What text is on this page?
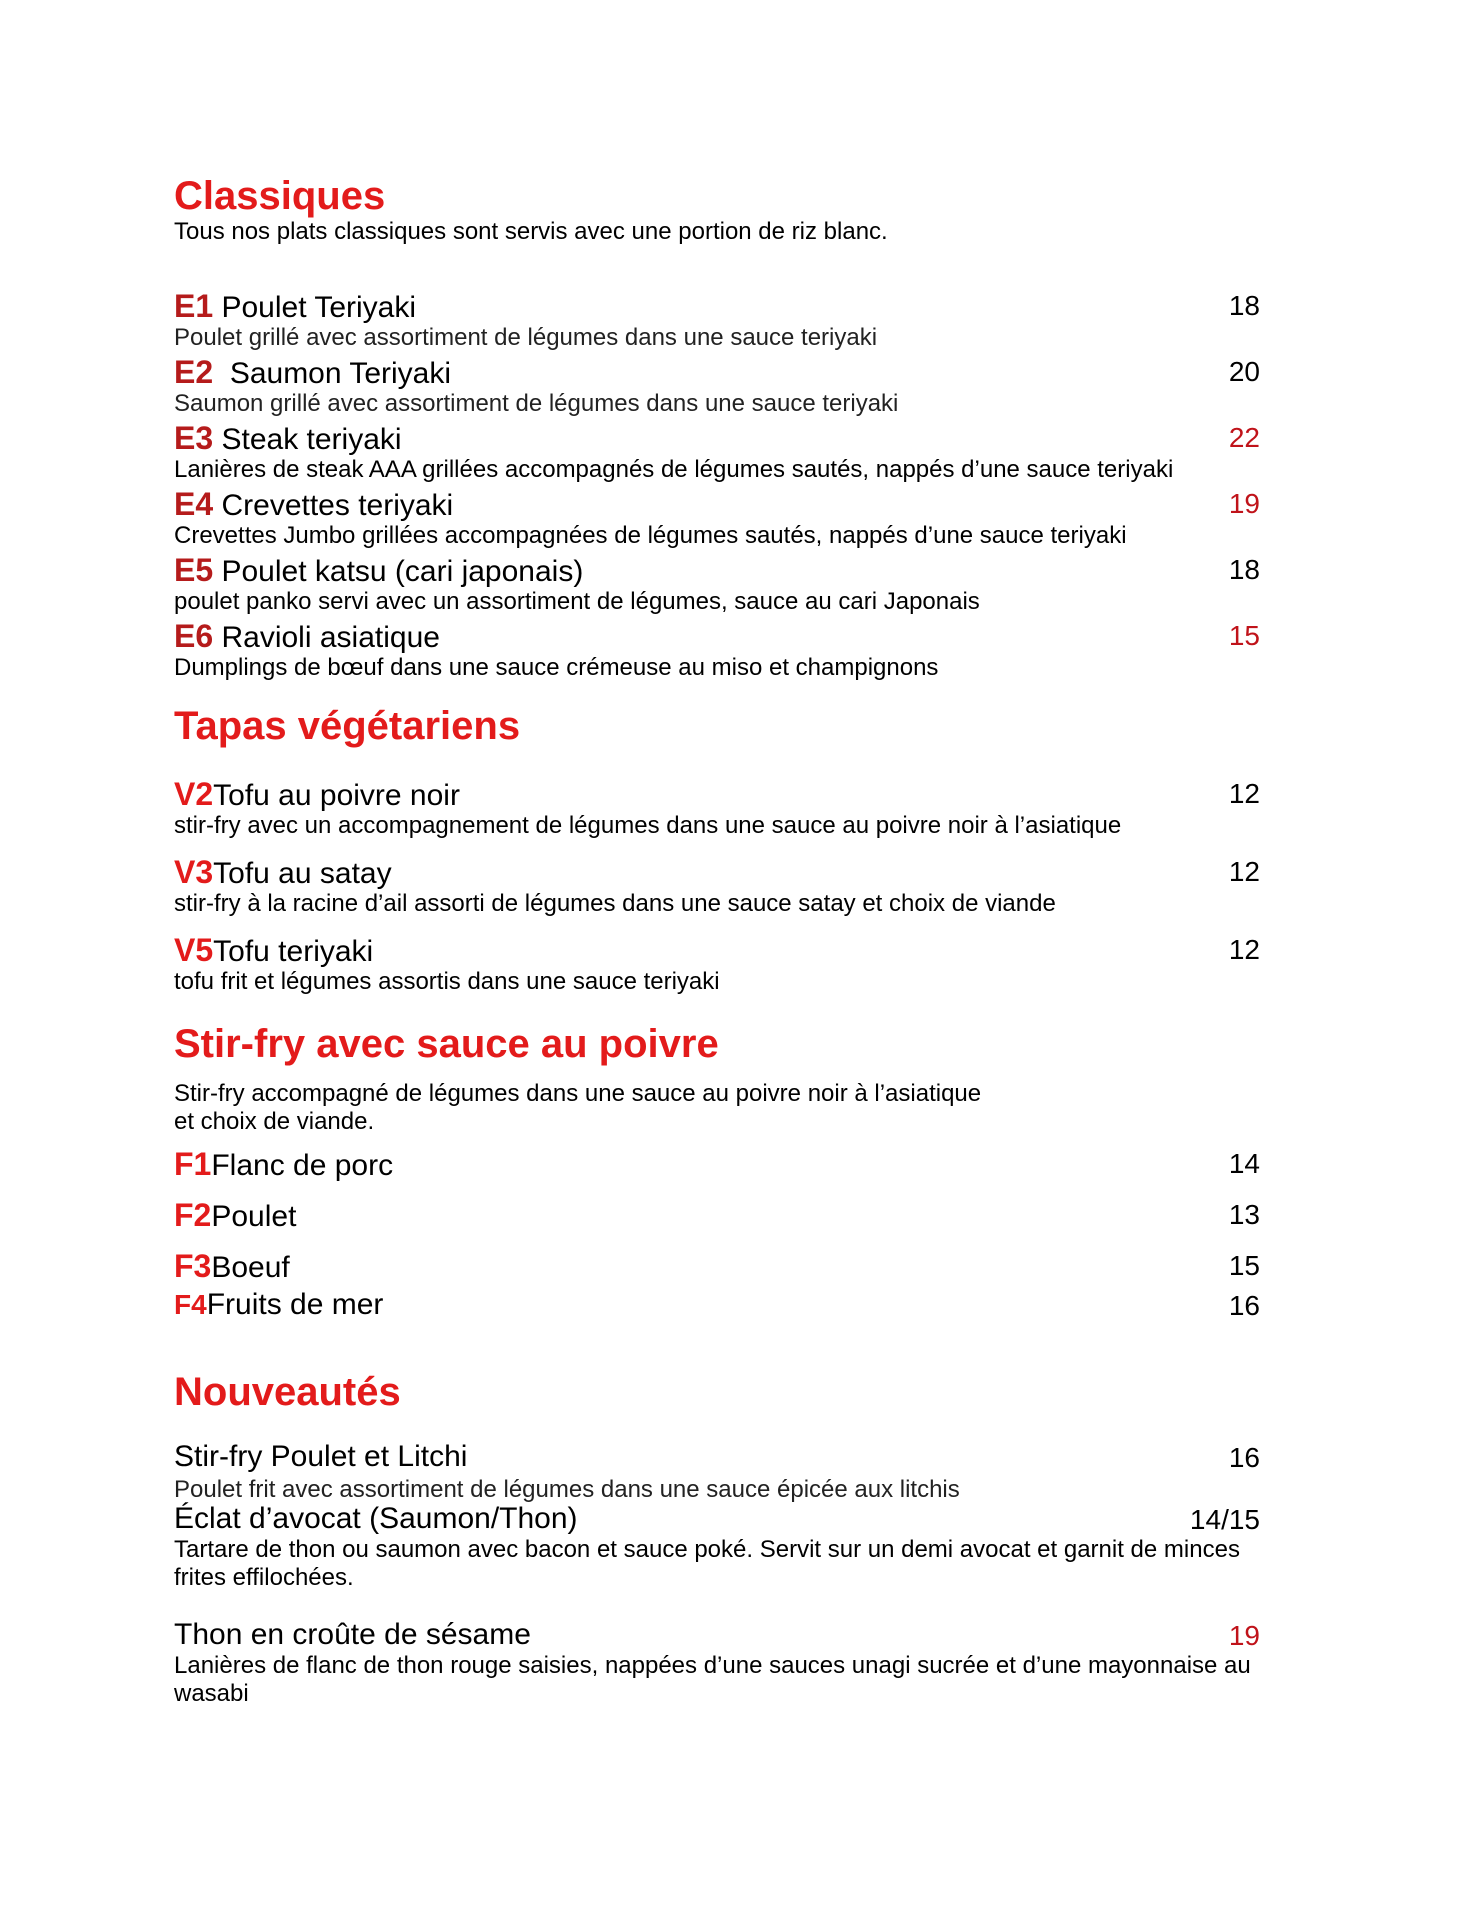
Classiques
Tous nos plats classiques sont servis avec une portion de riz blanc.
E1 Poulet Teriyaki	18
Poulet grillé avec assortiment de légumes dans une sauce teriyaki
E2 Saumon Teriyaki	20
Saumon grillé avec assortiment de légumes dans une sauce teriyaki
E3 Steak teriyaki	22
Lanières de steak AAA grillées accompagnés de légumes sautés, nappés d’une sauce teriyaki
E4 Crevettes teriyaki	19
Crevettes Jumbo grillées accompagnées de légumes sautés, nappés d’une sauce teriyaki
E5 Poulet katsu (cari japonais)	18
poulet panko servi avec un assortiment de légumes, sauce au cari Japonais
E6 Ravioli asiatique	15
Dumplings de bœuf dans une sauce crémeuse au miso et champignons
Tapas végétariens
V2Tofu au poivre noir	12
stir-fry avec un accompagnement de légumes dans une sauce au poivre noir à l’asiatique
V3Tofu au satay	12
stir-fry à la racine d’ail assorti de légumes dans une sauce satay et choix de viande
V5Tofu teriyaki	12
tofu frit et légumes assortis dans une sauce teriyaki
Stir-fry avec sauce au poivre
Stir-fry accompagné de légumes dans une sauce au poivre noir à l’asiatique
et choix de viande.
F1Flanc de porc	14
F2Poulet	13
F3Boeuf	15
F4Fruits de mer	16
Nouveautés
Stir-fry Poulet et Litchi	16
Poulet frit avec assortiment de légumes dans une sauce épicée aux litchis
Éclat d’avocat (Saumon/Thon)	14/15
Tartare de thon ou saumon avec bacon et sauce poké. Servit sur un demi avocat et garnit de minces frites effilochées.
Thon en croûte de sésame	19
Lanières de flanc de thon rouge saisies, nappées d’une sauces unagi sucrée et d’une mayonnaise au wasabi
